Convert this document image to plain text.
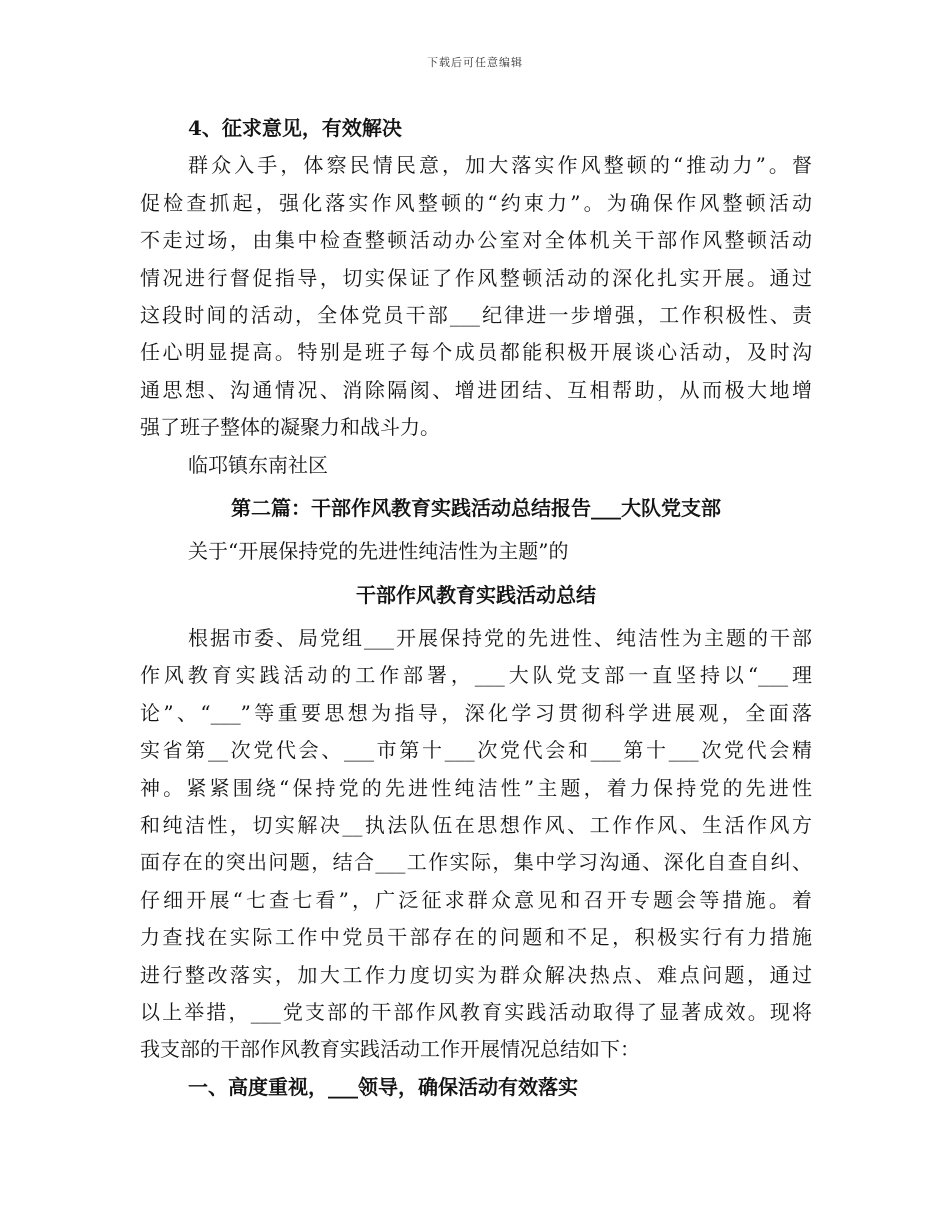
下载后可任意编辑
4、征求意见，有效解决
群众入手，体察民情民意，加大落实作风整顿的“推动力”。督
促检查抓起，强化落实作风整顿的“约束力”。为确保作风整顿活动
不走过场，由集中检查整顿活动办公室对全体机关干部作风整顿活动
情况进行督促指导，切实保证了作风整顿活动的深化扎实开展。通过
这段时间的活动，全体党员干部___纪律进一步增强，工作积极性、责
任心明显提高。特别是班子每个成员都能积极开展谈心活动，及时沟
通思想、沟通情况、消除隔阂、增进团结、互相帮助，从而极大地增
强了班子整体的凝聚力和战斗力。
临邛镇东南社区
第二篇：干部作风教育实践活动总结报告___大队党支部
关于“开展保持党的先进性纯洁性为主题”的
干部作风教育实践活动总结
根据市委、局党组___开展保持党的先进性、纯洁性为主题的干部
作风教育实践活动的工作部署，___大队党支部一直坚持以“___理
论”、“___”等重要思想为指导，深化学习贯彻科学进展观，全面落
实省第__次党代会、___市第十___次党代会和___第十___次党代会精
神。紧紧围绕“保持党的先进性纯洁性”主题，着力保持党的先进性
和纯洁性，切实解决__执法队伍在思想作风、工作作风、生活作风方
面存在的突出问题，结合___工作实际，集中学习沟通、深化自查自纠、
仔细开展“七查七看”，广泛征求群众意见和召开专题会等措施。着
力查找在实际工作中党员干部存在的问题和不足，积极实行有力措施
进行整改落实，加大工作力度切实为群众解决热点、难点问题，通过
以上举措，___党支部的干部作风教育实践活动取得了显著成效。现将
我支部的干部作风教育实践活动工作开展情况总结如下：
一、高度重视，___领导，确保活动有效落实
